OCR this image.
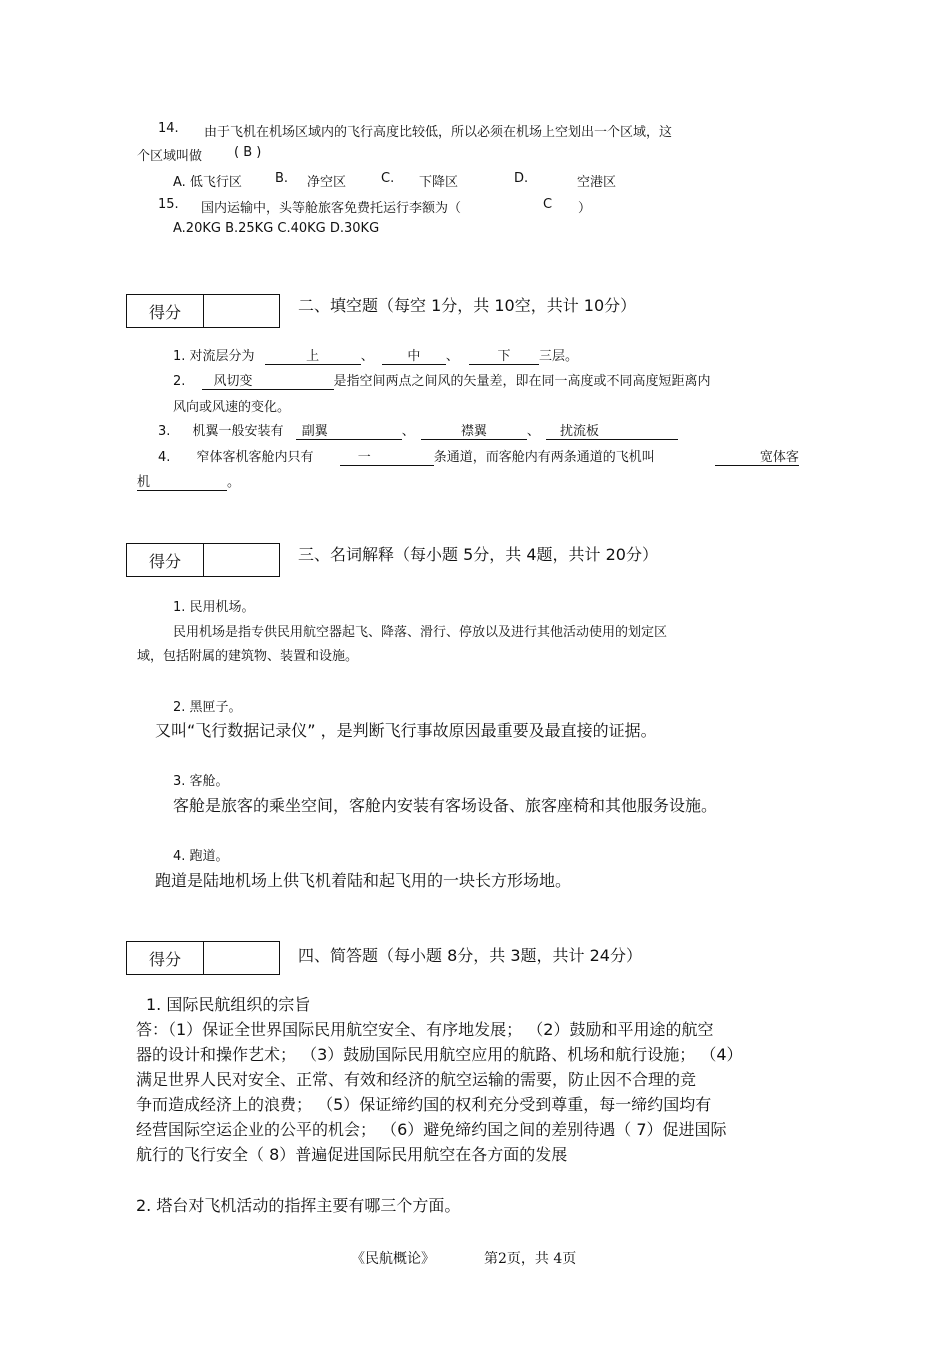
14. 由于飞机在机场区域内的飞行高度比较低，所以必须在机场上空划出一个区域，这
个区域叫做 ( B )
A. 低飞行区	B. 净空区	C. 下降区	D.	空港区
15. 国内运输中，头等舱旅客免费托运行李额为（	C ）
A.20KG B.25KG C.40KG D.30KG
得分	二、填空题（每空 1分，共 10空，共计 10分）
1. 对流层分为	上	、	中 、	下 三层。
2. 风切变	是指空间两点之间风的矢量差，即在同一高度或不同高度短距离内
风向或风速的变化。
3. 机翼一般安装有 副翼	、	襟翼	、 扰流板
4. 窄体客机客舱内只有	一	条通道，而客舱内有两条通道的飞机叫	宽体客
机	。
得分	三、名词解释（每小题 5分，共 4题，共计 20分）
1. 民用机场。
民用机场是指专供民用航空器起飞、降落、滑行、停放以及进行其他活动使用的划定区
域，包括附属的建筑物、装置和设施。
2. 黑匣子。
又叫“飞行数据记录仪” ，是判断飞行事故原因最重要及最直接的证据。
3. 客舱。
客舱是旅客的乘坐空间，客舱内安装有客场设备、旅客座椅和其他服务设施。
4. 跑道。
跑道是陆地机场上供飞机着陆和起飞用的一块长方形场地。
得分	四、简答题（每小题 8分，共 3题，共计 24分）
1. 国际民航组织的宗旨
答：（1）保证全世界国际民用航空安全、有序地发展； （2）鼓励和平用途的航空
器的设计和操作艺术； （3）鼓励国际民用航空应用的航路、机场和航行设施； （4）
满足世界人民对安全、正常、有效和经济的航空运输的需要，防止因不合理的竞
争而造成经济上的浪费； （5）保证缔约国的权利充分受到尊重，每一缔约国均有
经营国际空运企业的公平的机会； （6）避免缔约国之间的差别待遇（ 7）促进国际
航行的飞行安全（ 8）普遍促进国际民用航空在各方面的发展
2. 塔台对飞机活动的指挥主要有哪三个方面。
《民航概论》	第2页，共 4页
